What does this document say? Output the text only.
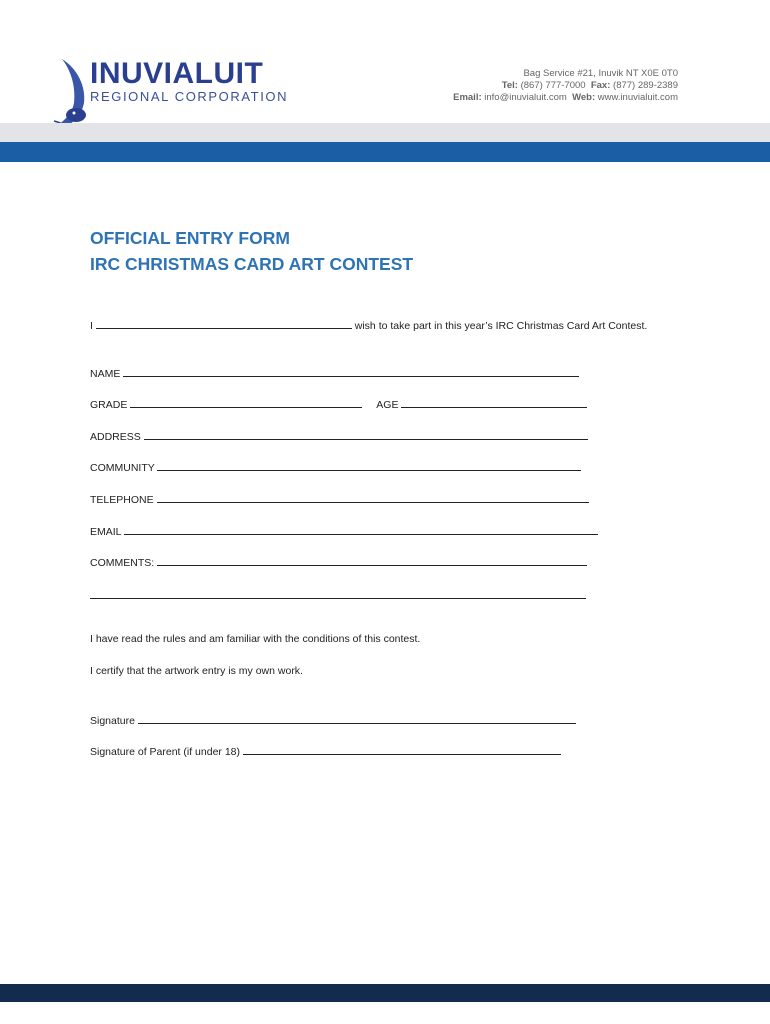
INUVIALUIT
REGIONAL CORPORATION
Bag Service #21, Inuvik NT X0E 0T0
Tel: (867) 777-7000 Fax: (877) 289-2389
Email: info@inuvialuit.com Web: www.inuvialuit.com
OFFICIAL ENTRY FORM
IRC CHRISTMAS CARD ART CONTEST
I	wish to take part in this year’s IRC Christmas Card Art Contest.
NAME
GRADE	AGE
ADDRESS
COMMUNITY
TELEPHONE
EMAIL
COMMENTS:
I have read the rules and am familiar with the conditions of this contest.
I certify that the artwork entry is my own work.
Signature
Signature of Parent (if under 18)
